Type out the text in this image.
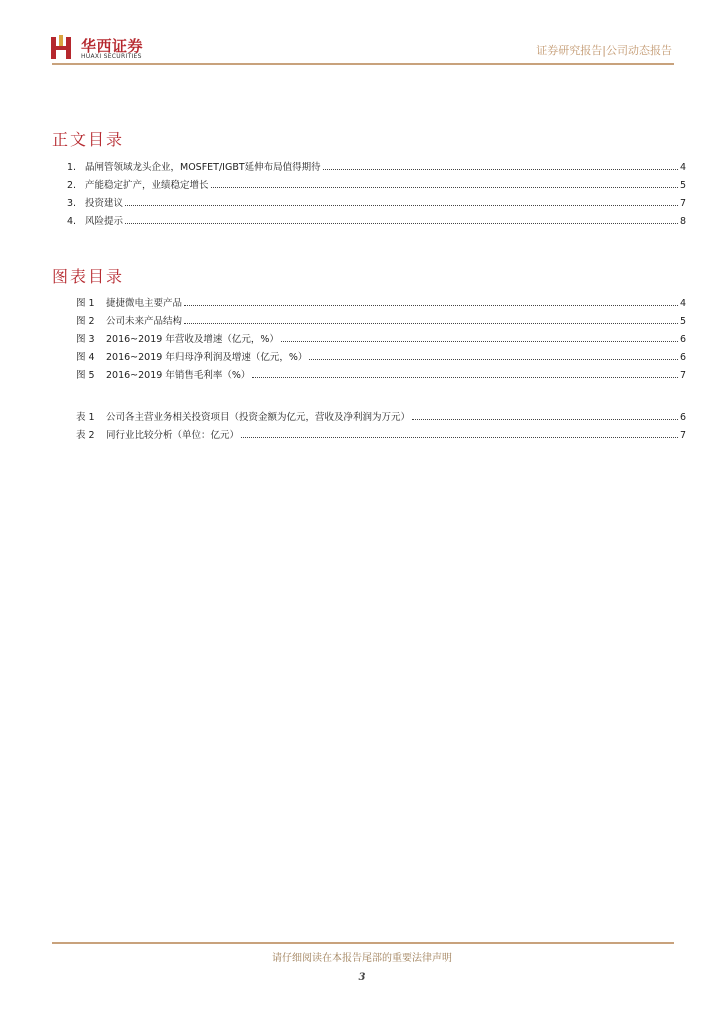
华西证券
HUAXI SECURITIES	证券研究报告|公司动态报告
正文目录
1. 晶闸管领域龙头企业，MOSFET/IGBT延伸布局值得期待	4
2. 产能稳定扩产，业绩稳定增长	5
3. 投资建议	7
4. 风险提示	8
图表目录
图 1	捷捷微电主要产品	4
图 2	公司未来产品结构	5
图 3	2016~2019 年营收及增速（亿元，%）	6
图 4	2016~2019 年归母净利润及增速（亿元，%）	6
图 5	2016~2019 年销售毛利率（%）	7
表 1	公司各主营业务相关投资项目（投资金额为亿元，营收及净利润为万元）	6
表 2	同行业比较分析（单位：亿元）	7
请仔细阅读在本报告尾部的重要法律声明
3
